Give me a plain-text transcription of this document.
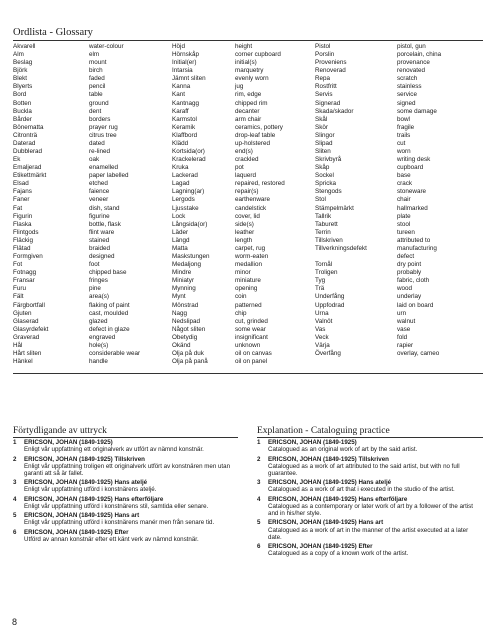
Ordlista - Glossary
Akvarell
Alm
Beslag
Björk
Blekt
Blyerts
Bord
Botten
Buckla
Bårder
Bönematta
Citronträ
Daterad
Dubblerad
Ek
Emaljerad
Etikettmärkt
Elsad
Fajans
Faner
Fat
Figurin
Flaska
Flintgods
Fläckig
Flätad
Formgiven
Fot
Fotnagg
Fransar
Furu
Fält
Färgbortfall
Gjuten
Glaserad
Glasyrdefekt
Graverad
Hål
Hårt sliten
Hänkel
water-colour
elm
mount
birch
faded
pencil
table
ground
dent
borders
prayer rug
citrus tree
dated
re-lined
oak
enamelled
paper labelled
etched
faience
veneer
dish, stand
figurine
bottle, flask
flint ware
stained
braided
designed
foot
chipped base
fringes
pine
area(s)
flaking of paint
cast, moulded
glazed
defect in glaze
engraved
hole(s)
considerable wear
handle
Höjd
Hörnskåp
Initial(er)
Intarsia
Jämnt sliten
Kanna
Kant
Kantnagg
Karaff
Karmstol
Keramik
Klaffbord
Klädd
Kortsida(or)
Krackelerad
Kruka
Lackerad
Lagad
Lagning(ar)
Lergods
Ljusstake
Lock
Långsida(or)
Läder
Längd
Matta
Maskstungen
Medaljong
Mindre
Miniatyr
Mynning
Mynt
Mönstrad
Nagg
Nedslipad
Något sliten
Obetydig
Okänd
Olja på duk
Olja på panå
height
corner cupboard
initial(s)
marquetry
evenly worn
jug
rim, edge
chipped rim
decanter
arm chair
ceramics, pottery
drop-leaf table
up-holstered
end(s)
crackled
pot
laquerd
repaired, restored
repair(s)
earthenware
candelstick
cover, lid
side(s)
leather
length
carpet, rug
worm-eaten
medallion
minor
miniature
opening
coin
patterned
chip
cut, grinded
some wear
insignificant
unknown
oil on canvas
oil on panel
Pistol
Porslin
Proveniens
Renoverad
Repa
Rostfritt
Servis
Signerad
Skada/skador
Skål
Skör
Slingor
Slipad
Sliten
Skrivbyrå
Skåp
Sockel
Spricka
Stengods
Stol
Stämpelmärkt
Tallrik
Taburett
Terrin
Tillskriven
Tillverkningsdefekt
Tornål
Troligen
Tyg
Trä
Underfång
Uppfodrad
Urna
Valnöt
Vas
Veck
Värja
Överfång
pistol, gun
porcelain, china
provenance
renovated
scratch
stainless
service
signed
some damage
bowl
fragile
trails
cut
worn
writing desk
cupboard
base
crack
stoneware
chair
hallmarked
plate
stool
tureen
attributed to
manufacturing
defect
dry point
probably
fabric, cloth
wood
underlay
laid on board
urn
walnut
vase
fold
rapier
overlay, cameo
Förtydligande av uttryck
1 ERICSON, JOHAN (1849-1925)
Enligt vår uppfattning ett originalverk av utfört av nämnd konstnär.
2 ERICSON, JOHAN (1849-1925) Tillskriven
Enligt vår uppfattning troligen ett originalverk utfört av konstnären men utan garanti att så är fallet.
3 ERICSON, JOHAN (1849-1925) Hans ateljé
Enligt vår uppfattning utförd i konstnärens ateljé.
4 ERICSON, JOHAN (1849-1925) Hans efterföljare
Enligt vår uppfattning utförd i konstnärens stil, samtida eller senare.
5 ERICSON, JOHAN (1849-1925) Hans art
Enligt vår uppfattning utförd i konstnärens manér men från senare tid.
6 ERICSON, JOHAN (1849-1925) Efter
Utförd av annan konstnär efter ett känt verk av nämnd konstnär.
Explanation - Cataloguing practice
1 ERICSON, JOHAN (1849-1925)
Catalogued as an original work of art by the said artist.
2 ERICSON, JOHAN (1849-1925) Tillskriven
Catalogued as a work of art attributed to the said artist, but with no full guarantee.
3 ERICSON, JOHAN (1849-1925) Hans ateljé
Catalogued as a work of art that i executed in the studio of the artist.
4 ERICSON, JOHAN (1849-1925) Hans efterföljare
Catalogued as a contemporary or later work of art by a follower of the artist and in his/her style.
5 ERICSON, JOHAN (1849-1925) Hans art
Catalogued as a work of art in the manner of the artist executed at a later date.
6 ERICSON, JOHAN (1849-1925) Efter
Catalogued as a copy of a known work of the artist.
8
